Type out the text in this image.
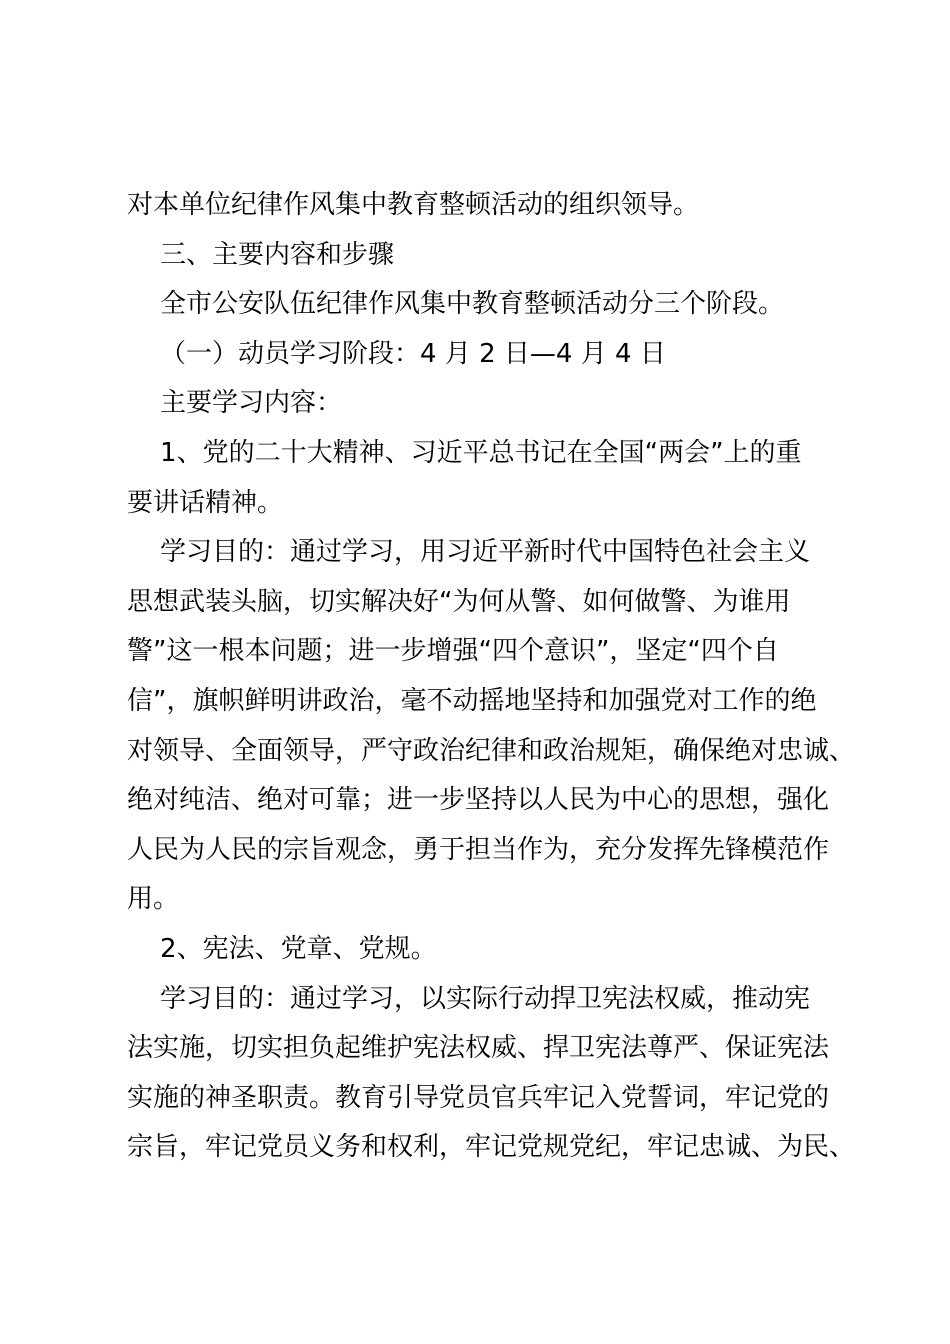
对本单位纪律作风集中教育整顿活动的组织领导。

三、主要内容和步骤

全市公安队伍纪律作风集中教育整顿活动分三个阶段。

（一）动员学习阶段：4 月 2 日—4 月 4 日

主要学习内容：

1、党的二十大精神、习近平总书记在全国“两会”上的重

要讲话精神。

学习目的：通过学习，用习近平新时代中国特色社会主义

思想武装头脑，切实解决好“为何从警、如何做警、为谁用

警”这一根本问题；进一步增强“四个意识”，坚定“四个自

信”，旗帜鲜明讲政治，毫不动摇地坚持和加强党对工作的绝

对领导、全面领导，严守政治纪律和政治规矩，确保绝对忠诚、

绝对纯洁、绝对可靠；进一步坚持以人民为中心的思想，强化

人民为人民的宗旨观念，勇于担当作为，充分发挥先锋模范作

用。

2、宪法、党章、党规。

学习目的：通过学习，以实际行动捍卫宪法权威，推动宪

法实施，切实担负起维护宪法权威、捍卫宪法尊严、保证宪法

实施的神圣职责。教育引导党员官兵牢记入党誓词，牢记党的

宗旨，牢记党员义务和权利，牢记党规党纪，牢记忠诚、为民、
